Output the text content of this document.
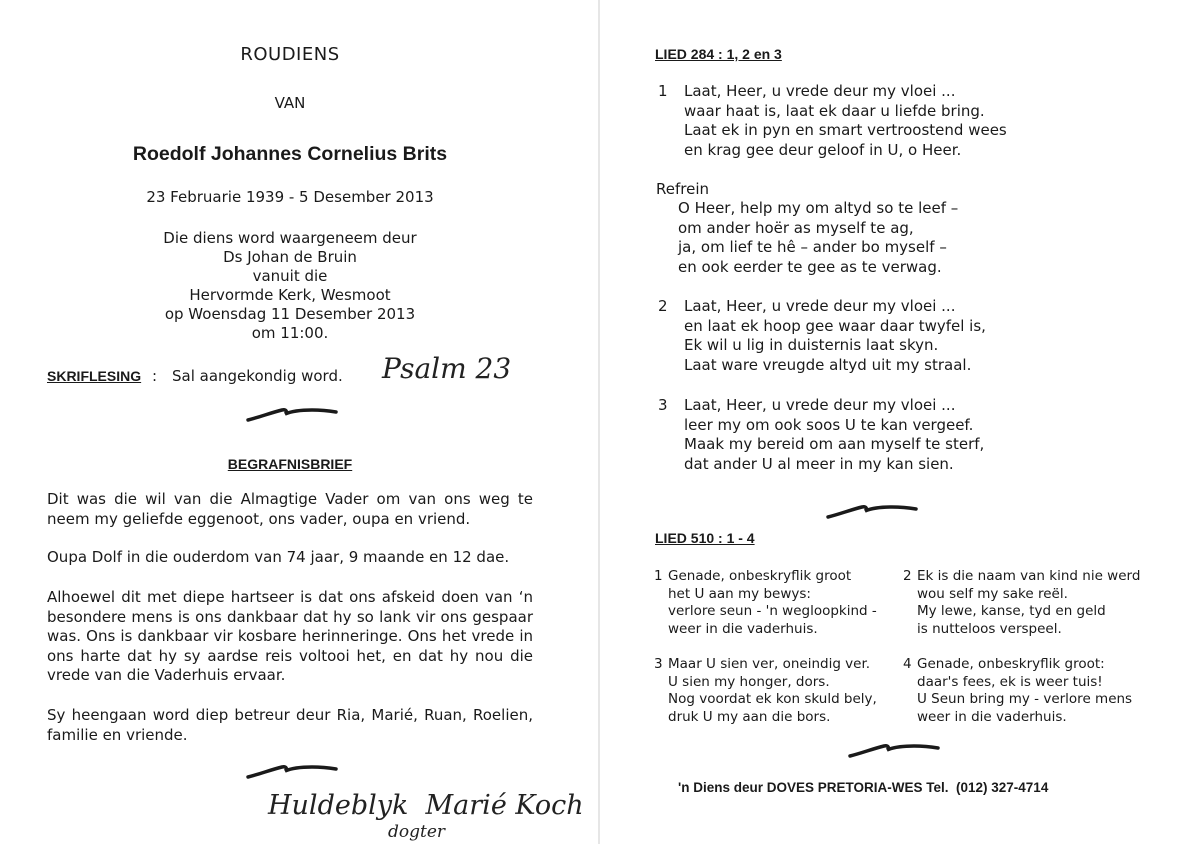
ROUDIENS
VAN
Roedolf Johannes Cornelius Brits
23 Februarie 1939 - 5 Desember 2013
Die diens word waargeneem deur
Ds Johan de Bruin
vanuit die
Hervormde Kerk, Wesmoot
op Woensdag 11 Desember 2013
om 11:00.
SKRIFLESING : Sal aangekondig word. Psalm 23
BEGRAFNISBRIEF
Dit was die wil van die Almagtige Vader om van ons weg te neem my geliefde eggenoot, ons vader, oupa en vriend.
Oupa Dolf in die ouderdom van 74 jaar, 9 maande en 12 dae.
Alhoewel dit met diepe hartseer is dat ons afskeid doen van ‘n besondere mens is ons dankbaar dat hy so lank vir ons gespaar was. Ons is dankbaar vir kosbare herinneringe. Ons het vrede in ons harte dat hy sy aardse reis voltooi het, en dat hy nou die vrede van die Vaderhuis ervaar.
Sy heengaan word diep betreur deur Ria, Marié, Ruan, Roelien, familie en vriende.
Huldeblyk  Marié Koch
dogter
LIED 284 : 1, 2 en 3
1 Laat, Heer, u vrede deur my vloei ...
waar haat is, laat ek daar u liefde bring.
Laat ek in pyn en smart vertroostend wees
en krag gee deur geloof in U, o Heer.
Refrein
O Heer, help my om altyd so te leef –
om ander hoër as myself te ag,
ja, om lief te hê – ander bo myself –
en ook eerder te gee as te verwag.
2 Laat, Heer, u vrede deur my vloei ...
en laat ek hoop gee waar daar twyfel is,
Ek wil u lig in duisternis laat skyn.
Laat ware vreugde altyd uit my straal.
3 Laat, Heer, u vrede deur my vloei ...
leer my om ook soos U te kan vergeef.
Maak my bereid om aan myself te sterf,
dat ander U al meer in my kan sien.
LIED 510 : 1 - 4
1 Genade, onbeskryflik groot
het U aan my bewys:
verlore seun - 'n wegloopkind -
weer in die vaderhuis.
2 Ek is die naam van kind nie werd
wou self my sake reël.
My lewe, kanse, tyd en geld
is nutteloos verspeel.
3 Maar U sien ver, oneindig ver.
U sien my honger, dors.
Nog voordat ek kon skuld bely,
druk U my aan die bors.
4 Genade, onbeskryflik groot:
daar's fees, ek is weer tuis!
U Seun bring my - verlore mens
weer in die vaderhuis.
'n Diens deur DOVES PRETORIA-WES Tel.  (012) 327-4714
